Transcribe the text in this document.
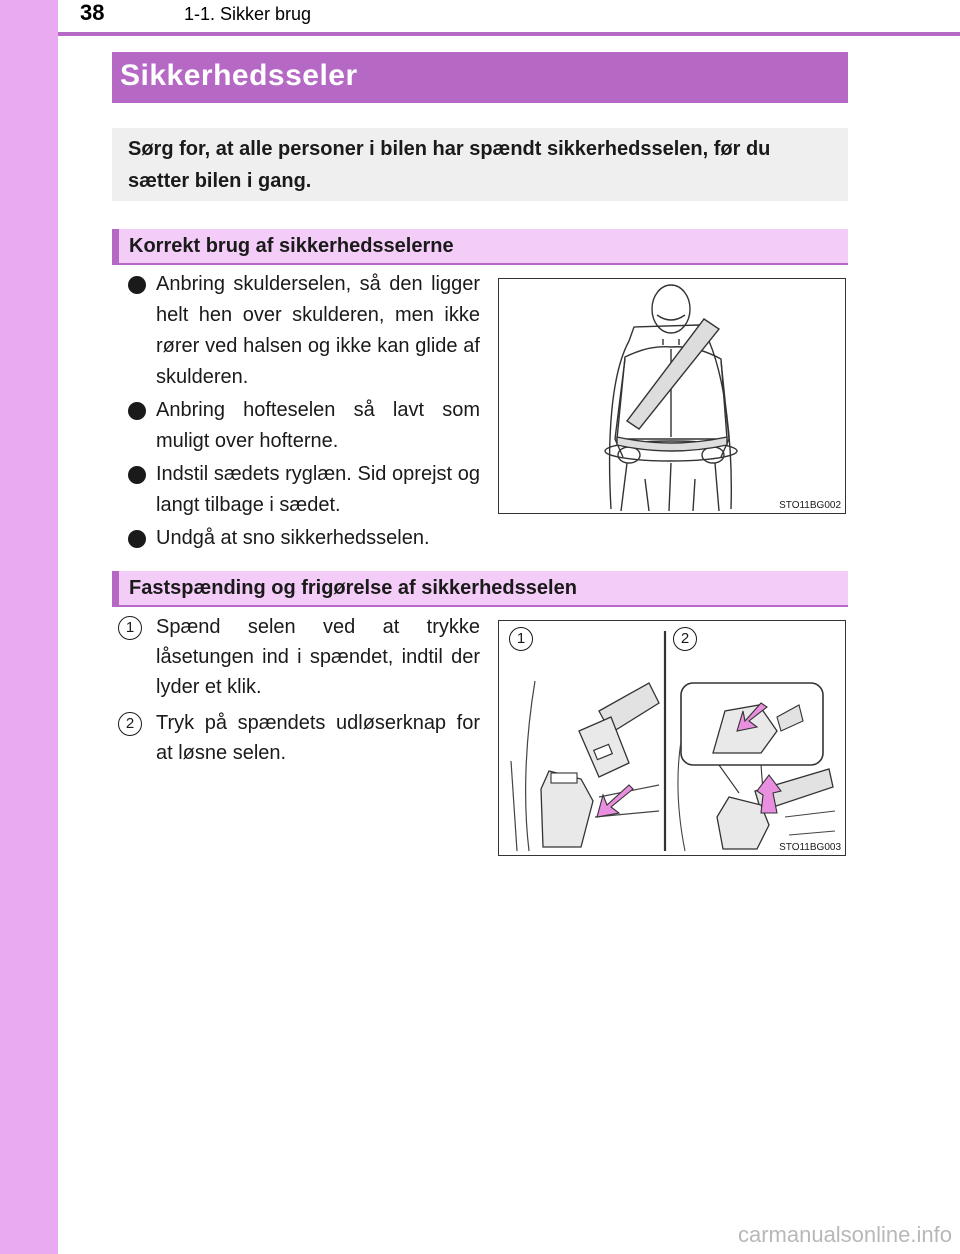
38	1-1. Sikker brug
Sikkerhedsseler
Sørg for, at alle personer i bilen har spændt sikkerhedsselen, før du sætter bilen i gang.
Korrekt brug af sikkerhedsselerne
Anbring skulderselen, så den ligger helt hen over skulderen, men ikke rører ved halsen og ikke kan glide af skulderen.
Anbring hofteselen så lavt som muligt over hofterne.
Indstil sædets ryglæn. Sid oprejst og langt tilbage i sædet.
Undgå at sno sikkerhedsselen.
STO11BG002
Fastspænding og frigørelse af sikkerhedsselen
1	Spænd selen ved at trykke låsetungen ind i spændet, indtil der lyder et klik.
2	Tryk på spændets udløserknap for at løsne selen.
1	2
STO11BG003
carmanualsonline.info
